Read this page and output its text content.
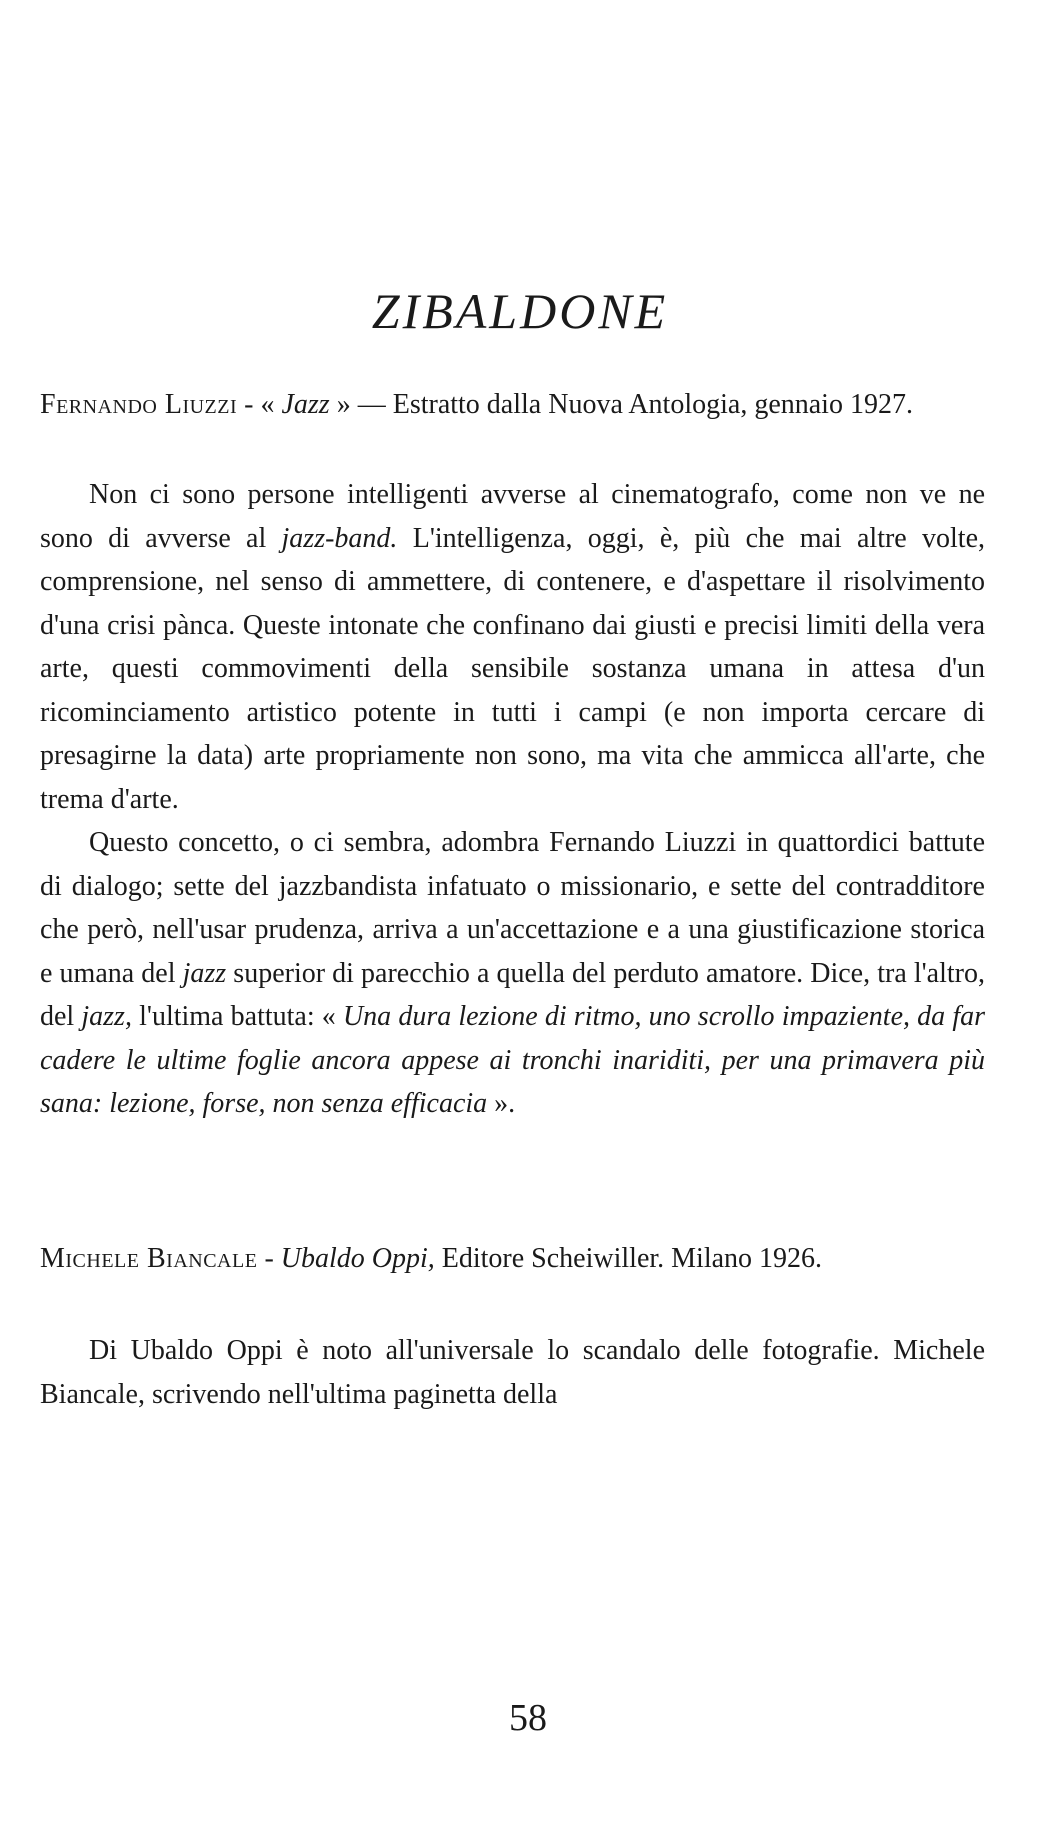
ZIBALDONE

Fernando Liuzzi - « Jazz » — Estratto dalla Nuova Antologia, gennaio 1927.

Non ci sono persone intelligenti avverse al cinematografo, come non ve ne sono di avverse al jazz-band. L'intelligenza, oggi, è, più che mai altre volte, comprensione, nel senso di ammettere, di contenere, e d'aspettare il risolvimento d'una crisi pànca. Queste intonate che confinano dai giusti e precisi limiti della vera arte, questi commovimenti della sensibile sostanza umana in attesa d'un ricominciamento artistico potente in tutti i campi (e non importa cercare di presagirne la data) arte propriamente non sono, ma vita che ammicca all'arte, che trema d'arte.

Questo concetto, o ci sembra, adombra Fernando Liuzzi in quattordici battute di dialogo; sette del jazzbandista infatuato o missionario, e sette del contradditore che però, nell'usar prudenza, arriva a un'accettazione e a una giustificazione storica e umana del jazz superior di parecchio a quella del perduto amatore. Dice, tra l'altro, del jazz, l'ultima battuta: « Una dura lezione di ritmo, uno scrollo impaziente, da far cadere le ultime foglie ancora appese ai tronchi inariditi, per una primavera più sana: lezione, forse, non senza efficacia ».

Michele Biancale - Ubaldo Oppi, Editore Scheiwiller. Milano 1926.

Di Ubaldo Oppi è noto all'universale lo scandalo delle fotografie. Michele Biancale, scrivendo nell'ultima paginetta della

58
